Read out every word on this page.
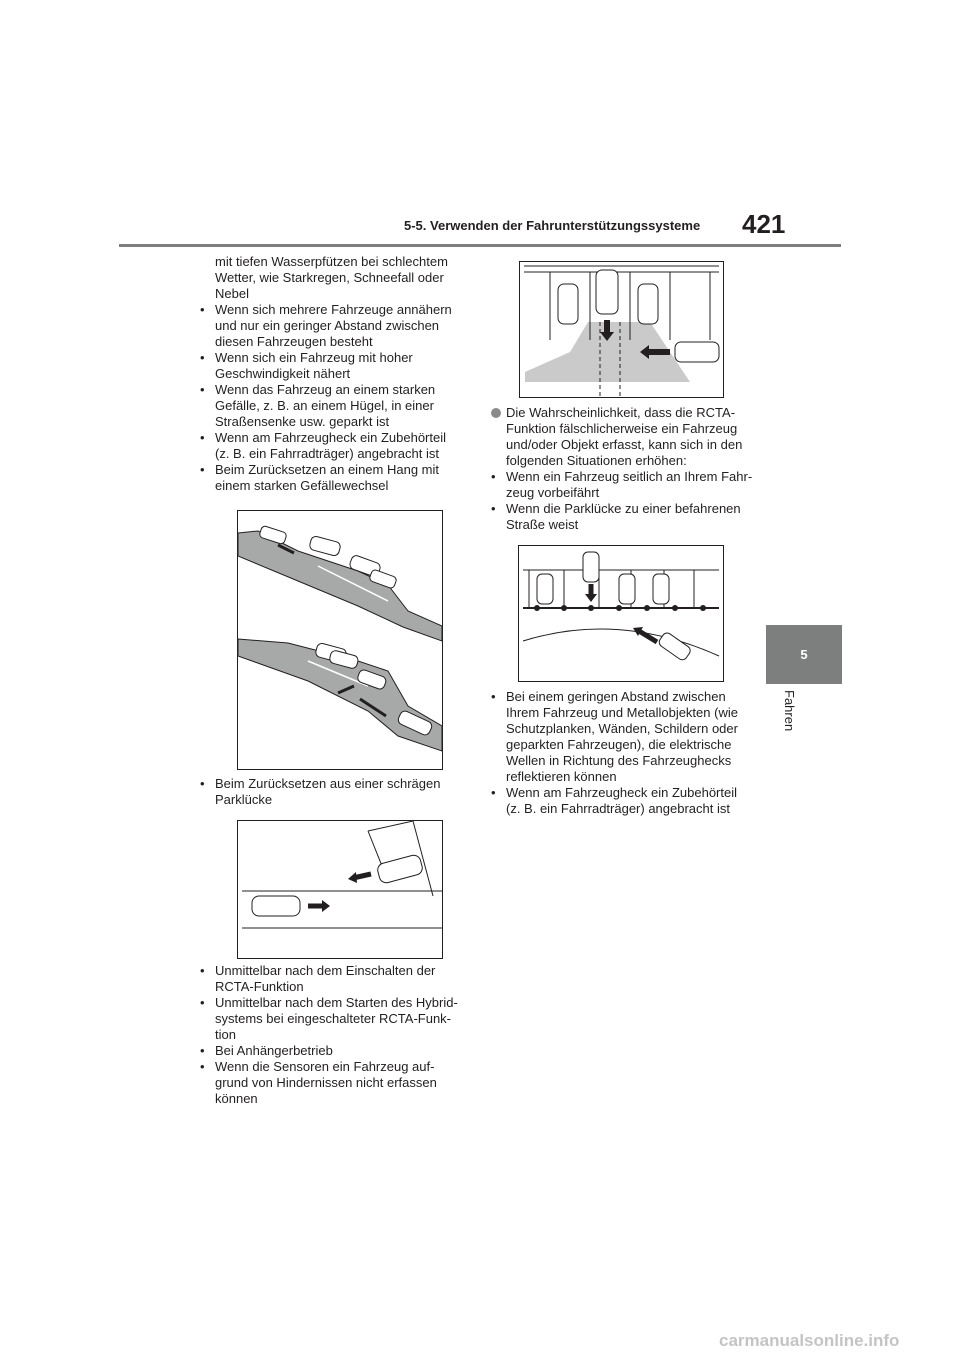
5-5. Verwenden der Fahrunterstützungssysteme 421
5
Fahren
mit tiefen Wasserpfützen bei schlechtem
Wetter, wie Starkregen, Schneefall oder
Nebel
• Wenn sich mehrere Fahrzeuge annähern
und nur ein geringer Abstand zwischen
diesen Fahrzeugen besteht
• Wenn sich ein Fahrzeug mit hoher
Geschwindigkeit nähert
• Wenn das Fahrzeug an einem starken
Gefälle, z. B. an einem Hügel, in einer
Straßensenke usw. geparkt ist
• Wenn am Fahrzeugheck ein Zubehörteil
(z. B. ein Fahrradträger) angebracht ist
• Beim Zurücksetzen an einem Hang mit
einem starken Gefällewechsel
• Beim Zurücksetzen aus einer schrägen
Parklücke
• Unmittelbar nach dem Einschalten der
RCTA-Funktion
• Unmittelbar nach dem Starten des Hybrid-
systems bei eingeschalteter RCTA-Funk-
tion
• Bei Anhängerbetrieb
• Wenn die Sensoren ein Fahrzeug auf-
grund von Hindernissen nicht erfassen
können
Die Wahrscheinlichkeit, dass die RCTA-
Funktion fälschlicherweise ein Fahrzeug
und/oder Objekt erfasst, kann sich in den
folgenden Situationen erhöhen:
• Wenn ein Fahrzeug seitlich an Ihrem Fahr-
zeug vorbeifährt
• Wenn die Parklücke zu einer befahrenen
Straße weist
• Bei einem geringen Abstand zwischen
Ihrem Fahrzeug und Metallobjekten (wie
Schutzplanken, Wänden, Schildern oder
geparkten Fahrzeugen), die elektrische
Wellen in Richtung des Fahrzeughecks
reflektieren können
• Wenn am Fahrzeugheck ein Zubehörteil
(z. B. ein Fahrradträger) angebracht ist
carmanualsonline.info
